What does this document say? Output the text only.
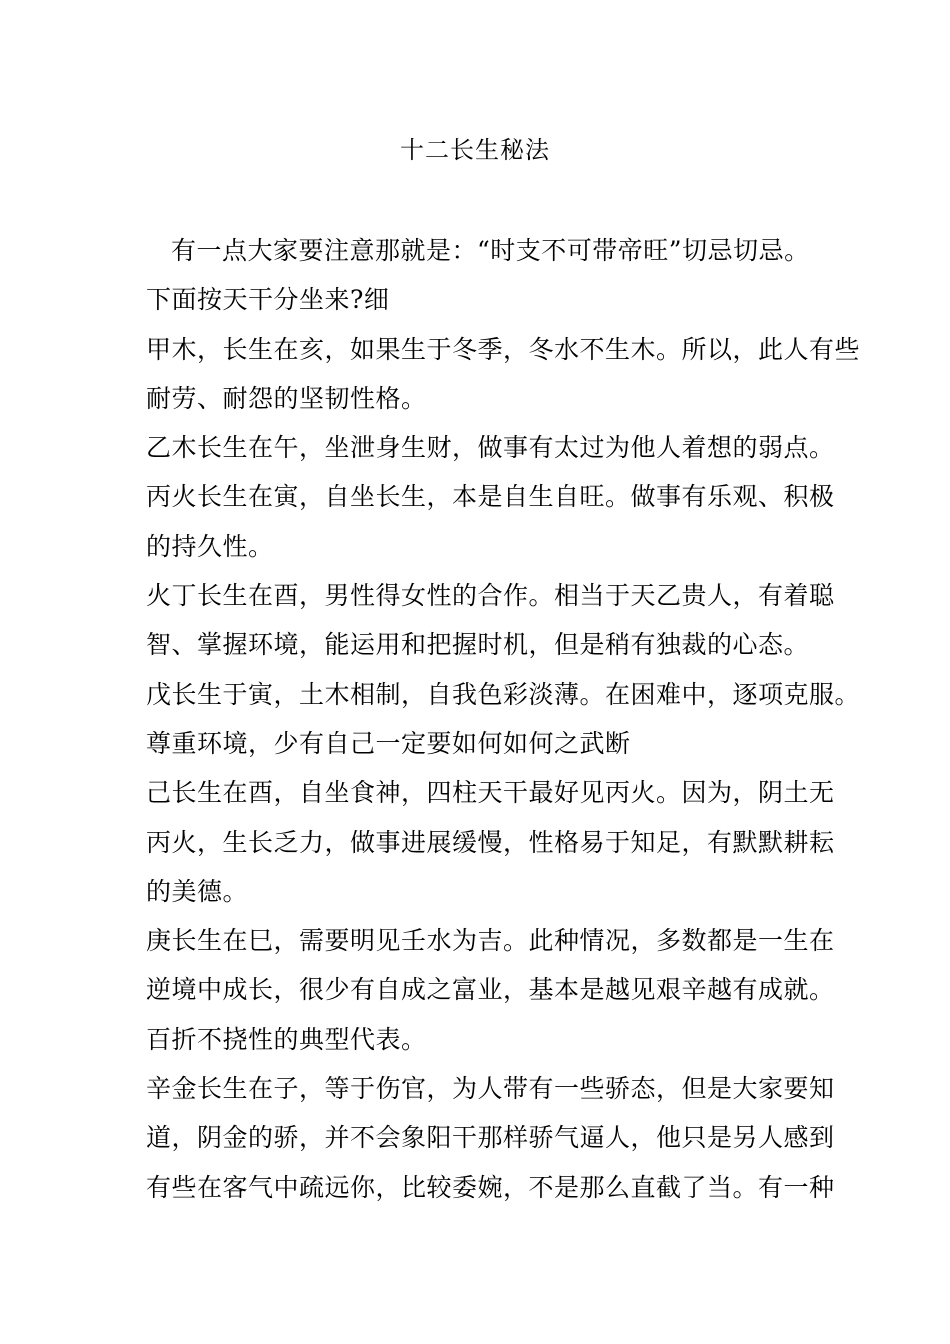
十二长生秘法
有一点大家要注意那就是：“时支不可带帝旺”切忌切忌。
下面按天干分坐来?细
甲木，长生在亥，如果生于冬季，冬水不生木。所以，此人有些
耐劳、耐怨的坚韧性格。
乙木长生在午，坐泄身生财，做事有太过为他人着想的弱点。
丙火长生在寅，自坐长生，本是自生自旺。做事有乐观、积极
的持久性。
火丁长生在酉，男性得女性的合作。相当于天乙贵人，有着聪
智、掌握环境，能运用和把握时机，但是稍有独裁的心态。
戊长生于寅，土木相制，自我色彩淡薄。在困难中，逐项克服。
尊重环境，少有自己一定要如何如何之武断
己长生在酉，自坐食神，四柱天干最好见丙火。因为，阴土无
丙火，生长乏力，做事进展缓慢，性格易于知足，有默默耕耘
的美德。
庚长生在巳，需要明见壬水为吉。此种情况，多数都是一生在
逆境中成长，很少有自成之富业，基本是越见艰辛越有成就。
百折不挠性的典型代表。
辛金长生在子，等于伤官，为人带有一些骄态，但是大家要知
道，阴金的骄，并不会象阳干那样骄气逼人，他只是另人感到
有些在客气中疏远你，比较委婉，不是那么直截了当。有一种
